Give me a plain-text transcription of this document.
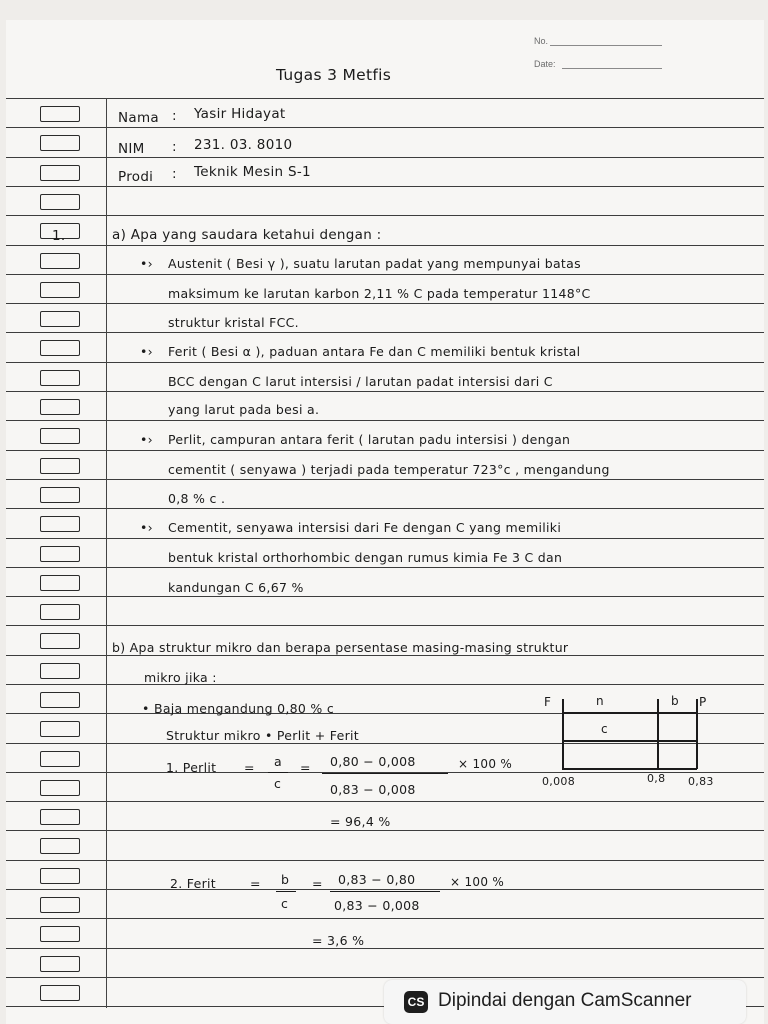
No.
Date:
Tugas 3 Metfis
Nama : Yasir Hidayat
NIM : 231. 03. 8010
Prodi : Teknik Mesin S-1
1.	a) Apa yang saudara ketahui dengan :
•› Austenit ( Besi γ ), suatu larutan padat yang mempunyai batas
maksimum ke larutan karbon 2,11 % C pada temperatur 1148°C
struktur kristal FCC.
•› Ferit ( Besi α ), paduan antara Fe dan C memiliki bentuk kristal
BCC dengan C larut intersisi / larutan padat intersisi dari C
yang larut pada besi a.
•› Perlit, campuran antara ferit ( larutan padu intersisi ) dengan
cementit ( senyawa ) terjadi pada temperatur 723°c , mengandung
0,8 % c .
•› Cementit, senyawa intersisi dari Fe dengan C yang memiliki
bentuk kristal orthorhombic dengan rumus kimia Fe 3 C dan
kandungan C 6,67 %
b) Apa struktur mikro dan berapa persentase masing-masing struktur
mikro jika :
• Baja mengandung 0,80 % c
Struktur mikro • Perlit + Ferit
1. Perlit = a
c
= 0,80 − 0,008
0,83 − 0,008
× 100 %
= 96,4 %
2. Ferit	= b
c
= 0,83 − 0,80
0,83 − 0,008
× 100 %
= 3,6 %
F	n	b P
c
0,008	0,8 0,83
CS Dipindai dengan CamScanner
